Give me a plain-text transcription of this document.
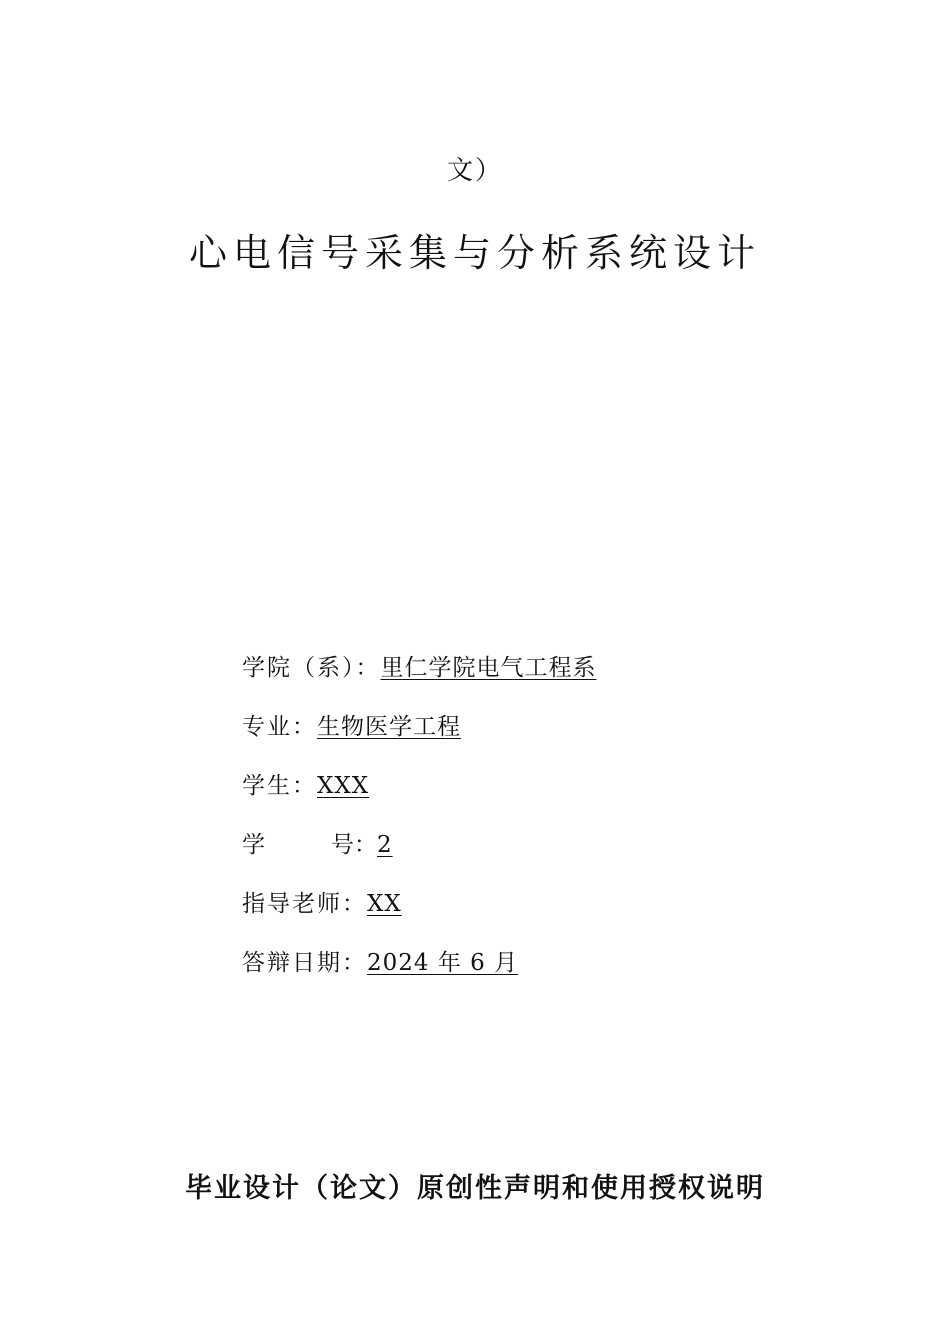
文）
心电信号采集与分析系统设计
学院（系）：里仁学院电气工程系
专业：生物医学工程
学生：XXX
学	号：2
指导老师：XX
答辩日期：2024 年 6 月
毕业设计（论文）原创性声明和使用授权说明
